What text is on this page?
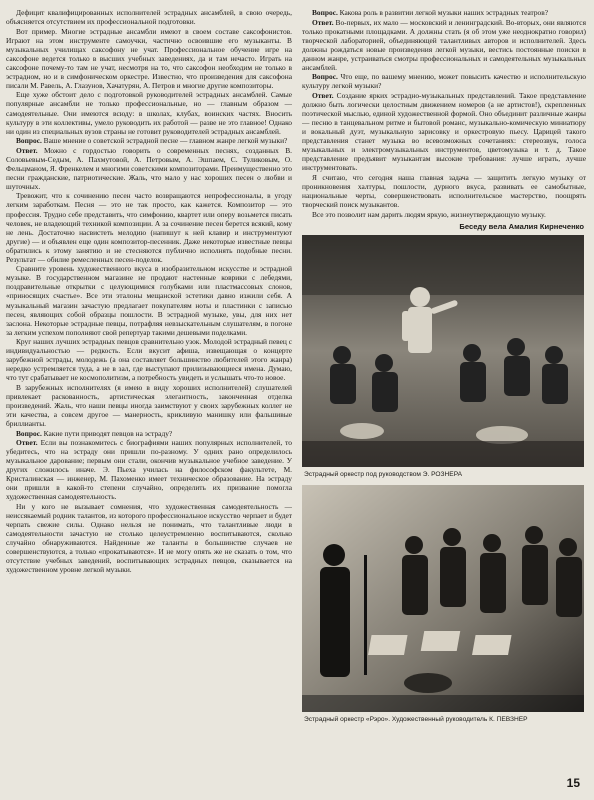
Дефицит квалифицированных исполнителей эстрадных ансамблей, в свою очередь, объясняется отсутствием их профессиональной подготовки.

Вот пример. Многие эстрадные ансамбли имеют в своем составе саксофонистов. Играют на этом инструменте самоучки, частично освоившие его музыканты. В музыкальных училищах саксофону не учат. Профессиональное обучение игре на саксофоне ведется только в высших учебных заведениях, да и там нечасто. Играть на саксофоне почему-то там не учат, несмотря на то, что саксофон необходим не только в эстрадном, но и в симфоническом оркестре. Известно, что произведения для саксофона писали М. Равель, А. Глазунов, Хачатурян, А. Петров и многие другие композиторы.

Еще хуже обстоит дело с подготовкой руководителей эстрадных ансамблей. Самые популярные ансамбли не только профессиональные, но — главным образом — самодеятельные. Они имеются всюду: в школах, клубах, воинских частях. Вносить культуру в эти коллективы, умело руководить их работой — разве не это главное! Однако ни один из специальных вузов страны не готовит руководителей эстрадных ансамблей.

Вопрос. Ваше мнение о советской эстрадной песне — главном жанре легкой музыки?

Ответ. Можно с гордостью говорить о современных песнях, созданных В. Соловьевым-Седым, А. Пахмутовой, А. Петровым, А. Эшпаем, С. Туликовым, О. Фельцманом, Я. Френкелем и многими советскими композиторами. Преимущественно это песни гражданские, патриотические. Жаль, что мало у нас хороших песен о любви и шуточных.

Тревожит, что к сочинению песен часто возвращаются непрофессионалы, в угоду легким заработкам. Песня — это не так просто, как кажется. Композитор — это профессия. Трудно себе представить, что симфонию, квартет или оперу возьмется писать человек, не владеющий техникой композиции. А за сочинение песен берется всякий, кому не лень. Достаточно насвистеть мелодию (напишут к ней клавир и инструментуют другие) — и объявлен еще один композитор-песенник. Даже некоторые известные певцы обратились к этому занятию и не стесняются публично исполнять подобные песни. Результат — обилие ремесленных песен-поделок.

Сравните уровень художественного вкуса в изобразительном искусстве и эстрадной музыке. В государственном магазине не продают настенные коврики с лебедями, поздравительные открытки с целующимися голубками или пластмассовых слонов, «приносящих счастье». Все эти эталоны мещанской эстетики давно изжили себя. А музыкальный магазин зачастую предлагает покупателям ноты и пластинки с записью песен, являющих собой образцы пошлости. В эстрадной музыке, увы, для них нет заслона. Некоторые эстрадные певцы, потрафляя невзыскательным слушателям, в погоне за легким успехом пополняют свой репертуар такими дешевыми поделками.

Круг наших лучших эстрадных певцов сравнительно узок. Молодой эстрадный певец с индивидуальностью — редкость. Если вкусит афиша, извещающая о концерте зарубежной эстрады, молодежь (а она составляет большинство любителей этого жанра) нередко устремляется туда, а не в зал, где выступают прилизывающиеся имена. Думаю, что тут срабатывает не космополитизм, а потребность увидеть и услышать что-то новое.

В зарубежных исполнителях (я имею в виду хороших исполнителей) слушателей привлекает раскованность, артистическая элегантность, законченная отделка произведений. Жаль, что наши певцы иногда заимствуют у своих зарубежных коллег не эти качества, а совсем другое — манерность, крикливую манишку или фальшивые бриллианты.

Вопрос. Какие пути приводят певцов на эстраду?

Ответ. Если вы познакомитесь с биографиями наших популярных исполнителей, то убедитесь, что на эстраду они пришли по-разному. У одних рано определилось музыкальное дарование; первым они стали, окончив музыкальное учебное заведение. У других сложилось иначе. Э. Пьеха училась на философском факультете, М. Кристалинская — инженер, М. Пахоменко имеет техническое образование. На эстраду они пришли в какой-то степени случайно, определить их призвание помогла художественная самодеятельность.

Ни у кого не вызывает сомнения, что художественная самодеятельность — неиссякаемый родник талантов, из которого профессиональное искусство черпает и будет черпать свежие силы. Однако нельзя не понимать, что талантливые люди в самодеятельности зачастую не столько целеустремленно воспитываются, сколько случайно обнаруживаются. Найденные же таланты в большинстве случаев не совершенствуются, а только «прокатываются». И не могу опять же не сказать о том, что отсутствие учебных заведений, воспитывающих эстрадных певцов, сказывается на художественном уровне легкой музыки.

Вопрос. Какова роль в развитии легкой музыки наших эстрадных театров?

Ответ. Во-первых, их мало — московский и ленинградский. Во-вторых, они являются только прокатными площадками. А должны стать (я об этом уже неоднократно говорил) творческой лабораторией, объединяющей талантливых авторов и исполнителей. Здесь должны рождаться новые произведения легкой музыки, вестись постоянные поиски в данном жанре, устраиваться смотры профессиональных и самодеятельных музыкальных ансамблей.

Вопрос. Что еще, по вашему мнению, может повысить качество и исполнительскую культуру легкой музыки?

Ответ. Создание ярких эстрадно-музыкальных представлений. Такое представление должно быть логически целостным движением номеров (а не артистов!), скрепленных поэтической мыслью, единой художественной формой. Оно объединит различные жанры — песню в танцевальном ритме и бытовой романс, музыкально-комическую миниатюру и вокальный дуэт, музыкальную зарисовку и оркестровую пьесу. Царицей такого представления станет музыка во всевозможных сочетаниях: стереозвук, голоса музыкальных и электромузыкальных инструментов, цветомузыка и т. д. Такое представление предъявит музыкантам высокие требования: лучше играть, лучше инструментовать.

Я считаю, что сегодня наша главная задача — защитить легкую музыку от проникновения халтуры, пошлости, дурного вкуса, развивать ее самобытные, национальные черты, совершенствовать исполнительское мастерство, поощрять творческий поиск музыкантов.

Все это позволит нам дарить людям яркую, жизнеутверждающую музыку.

Беседу вела Амалия Кирнеченко
Эстрадный оркестр под руководством Э. РОЗНЕРА
Эстрадный оркестр «Рэро». Художественный руководитель К. ПЕВЗНЕР
15
